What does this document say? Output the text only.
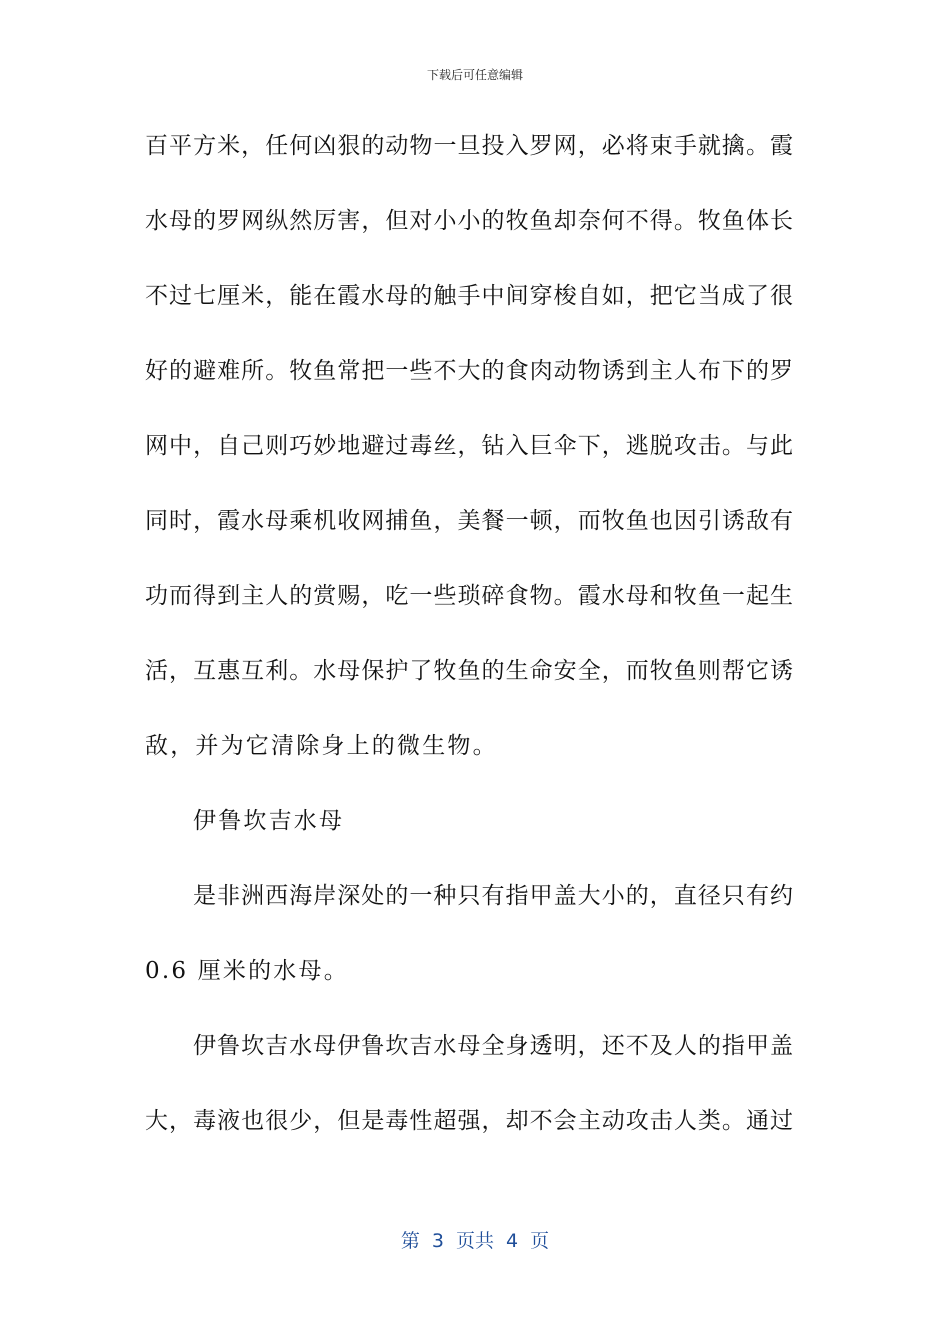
下载后可任意编辑
百平方米，任何凶狠的动物一旦投入罗网，必将束手就擒。霞
水母的罗网纵然厉害，但对小小的牧鱼却奈何不得。牧鱼体长
不过七厘米，能在霞水母的触手中间穿梭自如，把它当成了很
好的避难所。牧鱼常把一些不大的食肉动物诱到主人布下的罗
网中，自己则巧妙地避过毒丝，钻入巨伞下，逃脱攻击。与此
同时，霞水母乘机收网捕鱼，美餐一顿，而牧鱼也因引诱敌有
功而得到主人的赏赐，吃一些琐碎食物。霞水母和牧鱼一起生
活，互惠互利。水母保护了牧鱼的生命安全，而牧鱼则帮它诱
敌，并为它清除身上的微生物。
伊鲁坎吉水母
是非洲西海岸深处的一种只有指甲盖大小的，直径只有约
0.6 厘米的水母。
伊鲁坎吉水母伊鲁坎吉水母全身透明，还不及人的指甲盖
大，毒液也很少，但是毒性超强，却不会主动攻击人类。通过
第 3 页共 4 页
